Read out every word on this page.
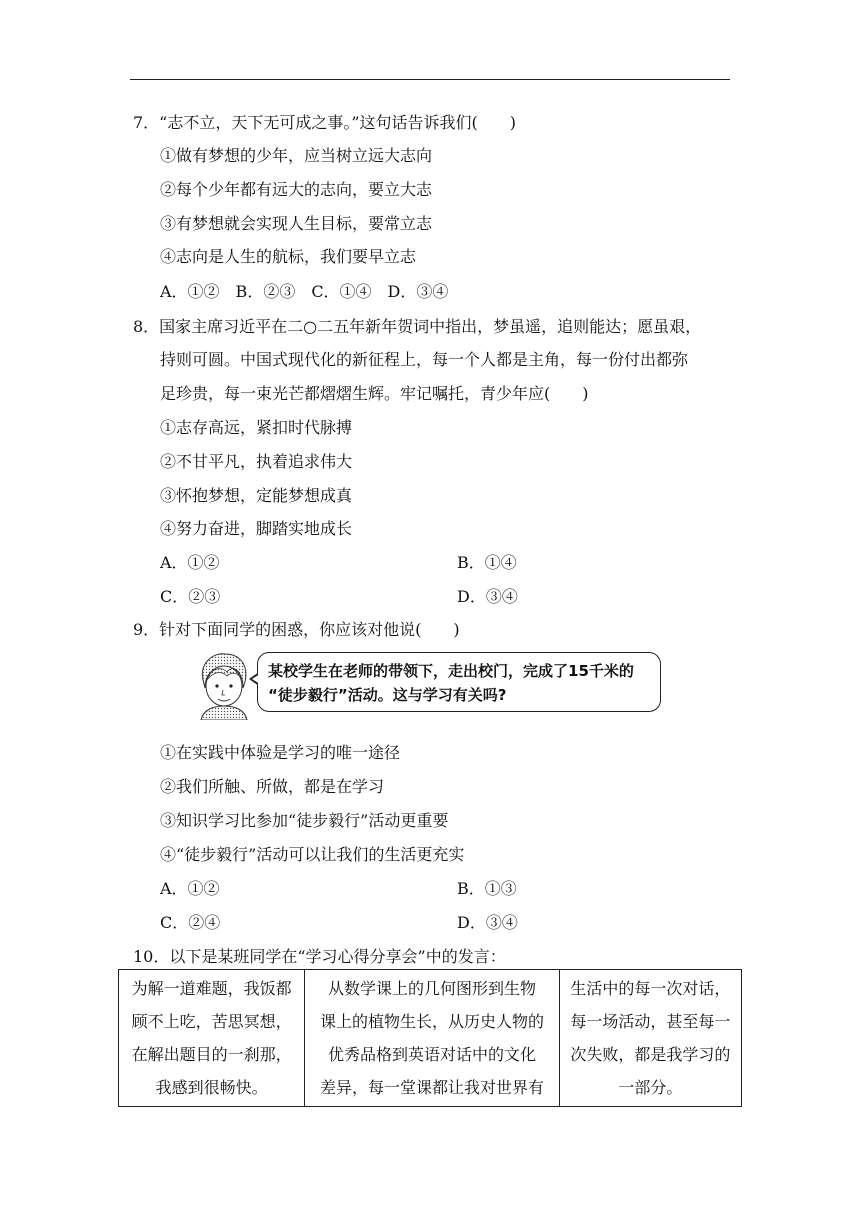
7．“志不立，天下无可成之事。”这句话告诉我们(　　)
①做有梦想的少年，应当树立远大志向
②每个少年都有远大的志向，要立大志
③有梦想就会实现人生目标，要常立志
④志向是人生的航标，我们要早立志
A．①②　B．②③　C．①④　D．③④
8．国家主席习近平在二○二五年新年贺词中指出，梦虽遥，追则能达；愿虽艰，
持则可圆。中国式现代化的新征程上，每一个人都是主角，每一份付出都弥
足珍贵，每一束光芒都熠熠生辉。牢记嘱托，青少年应(　　)
①志存高远，紧扣时代脉搏
②不甘平凡，执着追求伟大
③怀抱梦想，定能梦想成真
④努力奋进，脚踏实地成长
A．①②	B．①④
C．②③	D．③④
9．针对下面同学的困惑，你应该对他说(　　)
某校学生在老师的带领下，走出校门，完成了15千米的
“徒步毅行”活动。这与学习有关吗?
①在实践中体验是学习的唯一途径
②我们所触、所做，都是在学习
③知识学习比参加“徒步毅行”活动更重要
④“徒步毅行”活动可以让我们的生活更充实
A．①②	B．①③
C．②④	D．③④
10．以下是某班同学在“学习心得分享会”中的发言：
为解一道难题，我饭都
顾不上吃，苦思冥想，
在解出题目的一刹那，
我感到很畅快。

从数学课上的几何图形到生物
课上的植物生长，从历史人物的
优秀品格到英语对话中的文化
差异，每一堂课都让我对世界有

生活中的每一次对话，
每一场活动，甚至每一
次失败，都是我学习的
一部分。
